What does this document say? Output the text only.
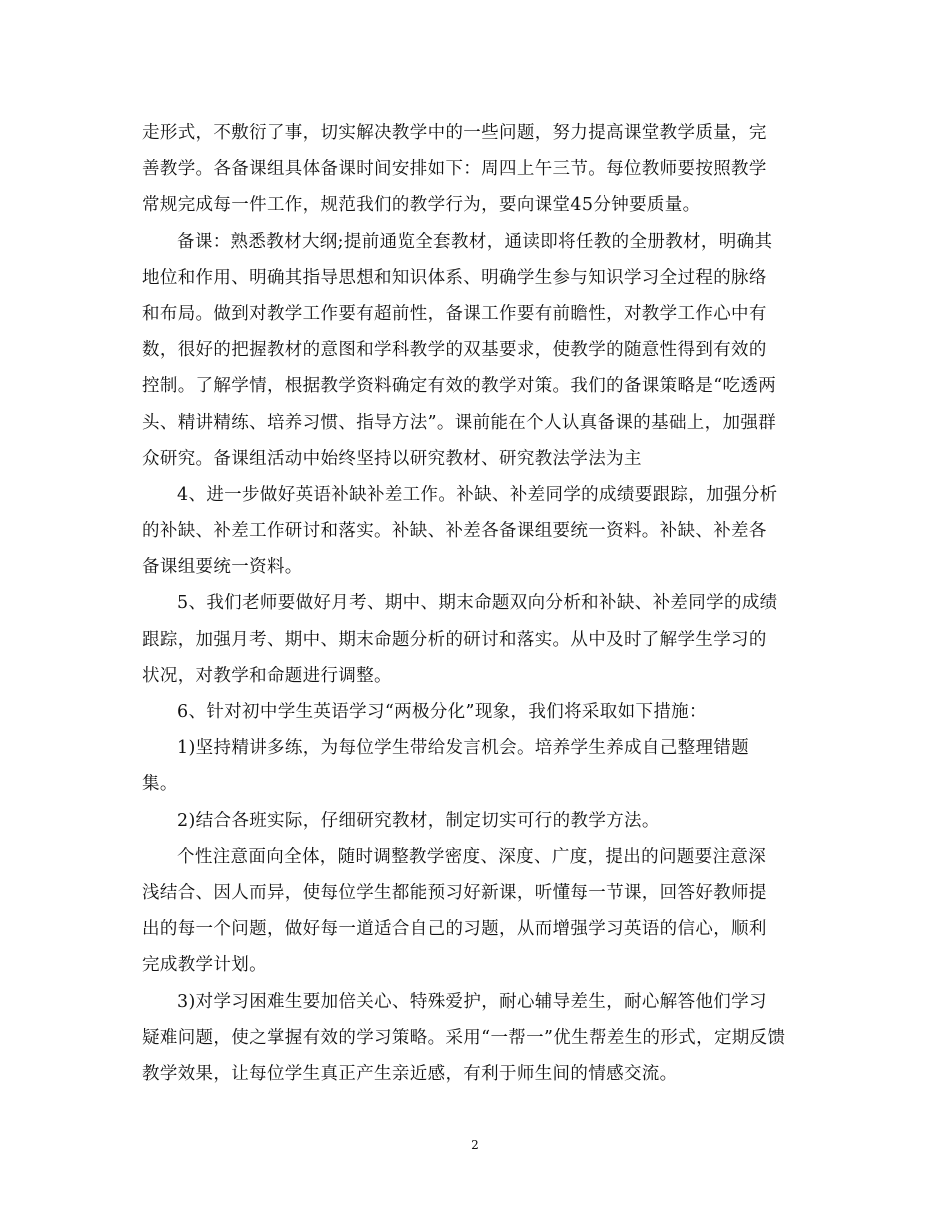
走形式，不敷衍了事，切实解决教学中的一些问题，努力提高课堂教学质量，完
善教学。各备课组具体备课时间安排如下：周四上午三节。每位教师要按照教学
常规完成每一件工作，规范我们的教学行为，要向课堂45分钟要质量。
备课：熟悉教材大纲;提前通览全套教材，通读即将任教的全册教材，明确其
地位和作用、明确其指导思想和知识体系、明确学生参与知识学习全过程的脉络
和布局。做到对教学工作要有超前性，备课工作要有前瞻性，对教学工作心中有
数，很好的把握教材的意图和学科教学的双基要求，使教学的随意性得到有效的
控制。了解学情，根据教学资料确定有效的教学对策。我们的备课策略是“吃透两
头、精讲精练、培养习惯、指导方法”。课前能在个人认真备课的基础上，加强群
众研究。备课组活动中始终坚持以研究教材、研究教法学法为主
4、进一步做好英语补缺补差工作。补缺、补差同学的成绩要跟踪，加强分析
的补缺、补差工作研讨和落实。补缺、补差各备课组要统一资料。补缺、补差各
备课组要统一资料。
5、我们老师要做好月考、期中、期末命题双向分析和补缺、补差同学的成绩
跟踪，加强月考、期中、期末命题分析的研讨和落实。从中及时了解学生学习的
状况，对教学和命题进行调整。
6、针对初中学生英语学习“两极分化”现象，我们将采取如下措施：
1)坚持精讲多练，为每位学生带给发言机会。培养学生养成自己整理错题
集。
2)结合各班实际，仔细研究教材，制定切实可行的教学方法。
个性注意面向全体，随时调整教学密度、深度、广度，提出的问题要注意深
浅结合、因人而异，使每位学生都能预习好新课，听懂每一节课，回答好教师提
出的每一个问题，做好每一道适合自己的习题，从而增强学习英语的信心，顺利
完成教学计划。
3)对学习困难生要加倍关心、特殊爱护，耐心辅导差生，耐心解答他们学习
疑难问题，使之掌握有效的学习策略。采用“一帮一”优生帮差生的形式，定期反馈
教学效果，让每位学生真正产生亲近感，有利于师生间的情感交流。
2
